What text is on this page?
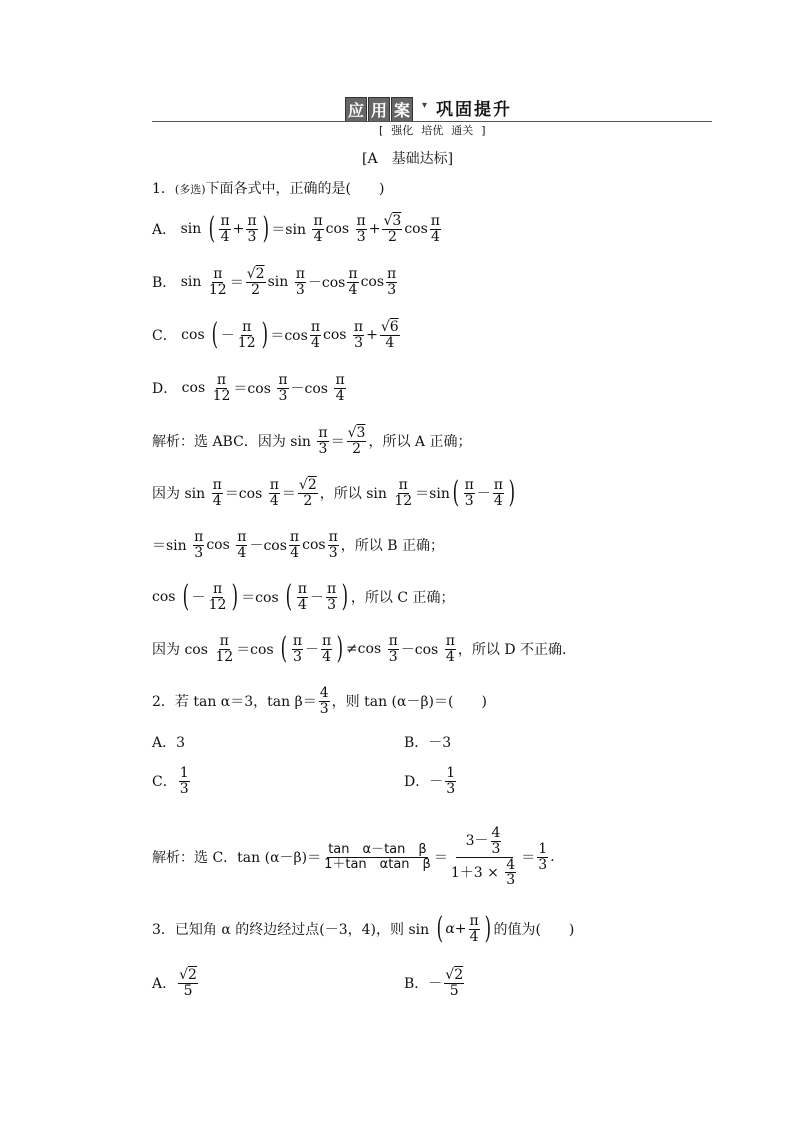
应 用 案	▾ 巩固提升
[ 强化 培优 通关 ]
[A　基础达标]
1．(多选)下面各式中，正确的是(　　)
A． sin ( $\frac{\pi}{4} + \frac{\pi}{3}$ ) $=\sin \frac{\pi}{4}$ $\cos \frac{\pi}{3} + \frac{√3}{2}$ $\cos \frac{\pi}{4}$
B． $\sin \frac{\pi}{12} = \frac{√2}{2}$ $\sin \frac{\pi}{3} -\cos \frac{\pi}{4}$ $\cos \frac{\pi}{3}$
C． cos ( － $\frac{\pi}{12}$ ) $=\cos \frac{\pi}{4}$ $\cos \frac{\pi}{3} + \frac{√6}{4}$
D． $\cos \frac{\pi}{12} =\cos \frac{\pi}{3} -\cos \frac{\pi}{4}$
解析：选 ABC．因为 sin
$\frac{\pi}{3} = \frac{√3}{2}$ ，所以 A 正确；
因为 sin
$\frac{\pi}{4} =\cos \frac{\pi}{4} = \frac{√2}{2}$ ，所以 sin
$\frac{\pi}{12} =\sin$ ( $\frac{\pi}{3} - \frac{\pi}{4}$ )
$=\sin \frac{\pi}{3}$ $\cos \frac{\pi}{4} -\cos \frac{\pi}{4}$ $\cos \frac{\pi}{3}$ ，所以 B 正确；
cos ( － $\frac{\pi}{12}$ ) ＝cos ( $\frac{\pi}{4} - \frac{\pi}{3}$ ) ，所以 C 正确；
因为 cos
$\frac{\pi}{12} =\cos$ ( $\frac{\pi}{3} - \frac{\pi}{4}$ ) $\ne\cos \frac{\pi}{3} -\cos \frac{\pi}{4}$ ，所以 D 不正确.
2． 若 tan α＝3，$\tan \beta= \frac{4}{3}$ ，则 tan (α－β)＝(　　)
A．3	B．－3
C． $\frac{1}{3}$	D．－ $\frac{1}{3}$
解析：选 C．$\tan (\alpha-\beta)= \frac{\text{tan　α－tan　β}}{\text{1＋tan　αtan　β}} = \frac{3- \frac{4}{3}}{1+3 \times \frac{4}{3}} = \frac{1}{3}$ .
3． 已知角 α 的终边经过点(－3，4)，则 sin
( $\alpha + \frac{\pi}{4}$ ) 的值为(　　)
A． $\frac{√2}{5}$	B．－ $\frac{√2}{5}$
